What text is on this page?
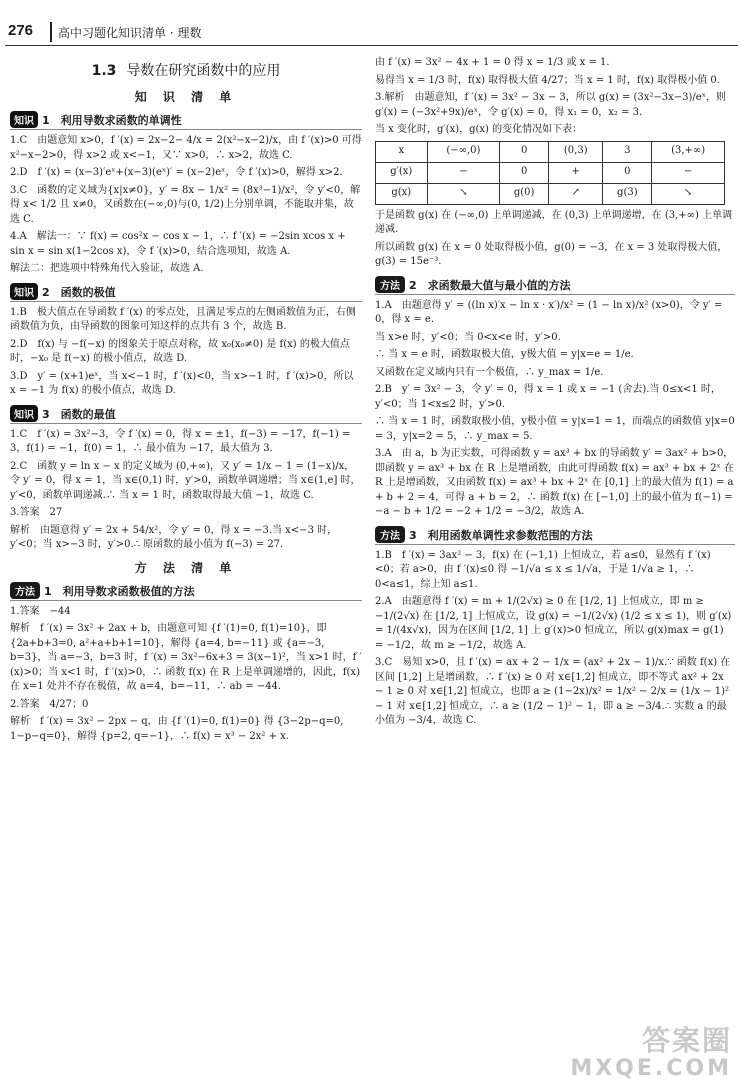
276 高中习题化知识清单 · 理数
1.3 导数在研究函数中的应用
知 识 清 单
知识 1　 利用导数求函数的单调性

1.C　由题意知 x>0，f ′(x) = 2x−2− 4/x = 2(x²−x−2)/x，由 f ′(x)>0 可得 x²−x−2>0，得 x>2 或 x<−1，又∵ x>0，∴ x>2，故选 C.

2.D　f ′(x) = (x−3)′eˣ+(x−3)(eˣ)′ = (x−2)eˣ，令 f ′(x)>0，解得 x>2.

3.C　函数的定义域为{x|x≠0}，y′ = 8x − 1/x² = (8x³−1)/x²，令 y′<0，解得 x< 1/2 且 x≠0，又函数在(−∞,0)与(0, 1/2)上分别单调，不能取并集，故选 C.

4.A　解法一：∵ f(x) = cos²x − cos x − 1，∴ f ′(x) = −2sin xcos x + sin x = sin x(1−2cos x)，令 f ′(x)>0，结合选项知，故选 A.

解法二：把选项中特殊角代入验证，故选 A.

知识 2　 函数的极值

1.B　极大值点在导函数 f ′(x) 的零点处，且满足零点的左侧函数值为正，右侧函数值为负，由导函数的图象可知这样的点共有 3 个，故选 B.

2.D　f(x) 与 −f(−x) 的图象关于原点对称，故 x₀(x₀≠0) 是 f(x) 的极大值点时，−x₀ 是 f(−x) 的极小值点，故选 D.

3.D　y′ = (x+1)eˣ，当 x<−1 时，f ′(x)<0，当 x>−1 时，f ′(x)>0，所以 x = −1 为 f(x) 的极小值点，故选 D.

知识 3　 函数的最值

1.C　f ′(x) = 3x²−3，令 f ′(x) = 0，得 x = ±1，f(−3) = −17，f(−1) = 3，f(1) = −1，f(0) = 1，∴ 最小值为 −17，最大值为 3.

2.C　函数 y = ln x − x 的定义域为 (0,+∞)，又 y′ = 1/x − 1 = (1−x)/x，令 y′ = 0，得 x = 1，当 x∈(0,1) 时，y′>0，函数单调递增；当 x∈(1,e] 时，y′<0，函数单调递减.∴ 当 x = 1 时，函数取得最大值 −1，故选 C.

3.答案　27

解析　由题意得 y′ = 2x + 54/x²，令 y′ = 0，得 x = −3.当 x<−3 时，y′<0；当 x>−3 时，y′>0.∴ 原函数的最小值为 f(−3) = 27.

方 法 清 单
方法 1　 利用导数求函数极值的方法

1.答案　−44

解析　f ′(x) = 3x² + 2ax + b，由题意可知 {f ′(1)=0, f(1)=10}，即 {2a+b+3=0, a²+a+b+1=10}，解得 {a=4, b=−11} 或 {a=−3, b=3}，当 a=−3，b=3 时，f ′(x) = 3x²−6x+3 = 3(x−1)²，当 x>1 时，f ′(x)>0；当 x<1 时，f ′(x)>0，∴ 函数 f(x) 在 R 上是单调递增的，因此，f(x) 在 x=1 处并不存在极值，故 a=4，b=−11，∴ ab = −44.

2.答案　4/27；0

解析　f ′(x) = 3x² − 2px − q，由 {f ′(1)=0, f(1)=0} 得 {3−2p−q=0, 1−p−q=0}，解得 {p=2, q=−1}，∴ f(x) = x³ − 2x² + x.

由 f ′(x) = 3x² − 4x + 1 = 0 得 x = 1/3 或 x = 1.

易得当 x = 1/3 时，f(x) 取得极大值 4/27；当 x = 1 时，f(x) 取得极小值 0.

3.解析　由题意知，f ′(x) = 3x² − 3x − 3，所以 g(x) = (3x²−3x−3)/eˣ，则 g′(x) = (−3x²+9x)/eˣ，令 g′(x) = 0，得 x₁ = 0，x₂ = 3.

当 x 变化时，g′(x)，g(x) 的变化情况如下表：

x	(−∞,0)	0	(0,3)	3	(3,+∞)
g′(x)	−	0	+	0	−
g(x)	↘	g(0)	↗	g(3)	↘

于是函数 g(x) 在 (−∞,0) 上单调递减，在 (0,3) 上单调递增，在 (3,+∞) 上单调递减.

所以函数 g(x) 在 x = 0 处取得极小值，g(0) = −3，在 x = 3 处取得极大值，g(3) = 15e⁻³.

方法 2　 求函数最大值与最小值的方法

1.A　由题意得 y′ = ((ln x)′x − ln x · x′)/x² = (1 − ln x)/x² (x>0)，令 y′ = 0，得 x = e.

当 x>e 时，y′<0；当 0<x<e 时，y′>0.

∴ 当 x = e 时，函数取极大值，y极大值 = y|x=e = 1/e.

又函数在定义域内只有一个极值，∴ y_max = 1/e.

2.B　y′ = 3x² − 3，令 y′ = 0，得 x = 1 或 x = −1 (舍去).当 0≤x<1 时，y′<0；当 1<x≤2 时，y′>0.

∴ 当 x = 1 时，函数取极小值，y极小值 = y|x=1 = 1，而端点的函数值 y|x=0 = 3，y|x=2 = 5，∴ y_max = 5.

3.A　由 a，b 为正实数，可得函数 y = ax³ + bx 的导函数 y′ = 3ax² + b>0，即函数 y = ax³ + bx 在 R 上是增函数，由此可得函数 f(x) = ax³ + bx + 2ˣ 在 R 上是增函数，又由函数 f(x) = ax³ + bx + 2ˣ 在 [0,1] 上的最大值为 f(1) = a + b + 2 = 4，可得 a + b = 2，∴ 函数 f(x) 在 [−1,0] 上的最小值为 f(−1) = −a − b + 1/2 = −2 + 1/2 = −3/2，故选 A.

方法 3　 利用函数单调性求参数范围的方法

1.B　f ′(x) = 3ax² − 3，f(x) 在 (−1,1) 上恒成立，若 a≤0，显然有 f ′(x)<0；若 a>0，由 f ′(x)≤0 得 −1/√a ≤ x ≤ 1/√a，于是 1/√a ≥ 1，∴ 0<a≤1，综上知 a≤1.

2.A　由题意得 f ′(x) = m + 1/(2√x) ≥ 0 在 [1/2, 1] 上恒成立，即 m ≥ −1/(2√x) 在 [1/2, 1] 上恒成立，设 g(x) = −1/(2√x) (1/2 ≤ x ≤ 1)，则 g′(x) = 1/(4x√x)，因为在区间 [1/2, 1] 上 g′(x)>0 恒成立，所以 g(x)max = g(1) = −1/2，故 m ≥ −1/2，故选 A.

3.C　易知 x>0，且 f ′(x) = ax + 2 − 1/x = (ax² + 2x − 1)/x.∵ 函数 f(x) 在区间 [1,2] 上是增函数，∴ f ′(x) ≥ 0 对 x∈[1,2] 恒成立，即不等式 ax² + 2x − 1 ≥ 0 对 x∈[1,2] 恒成立，也即 a ≥ (1−2x)/x² = 1/x² − 2/x = (1/x − 1)² − 1 对 x∈[1,2] 恒成立，∴ a ≥ (1/2 − 1)² − 1，即 a ≥ −3/4.∴ 实数 a 的最小值为 −3/4，故选 C.

答案圈
MXQE.COM
